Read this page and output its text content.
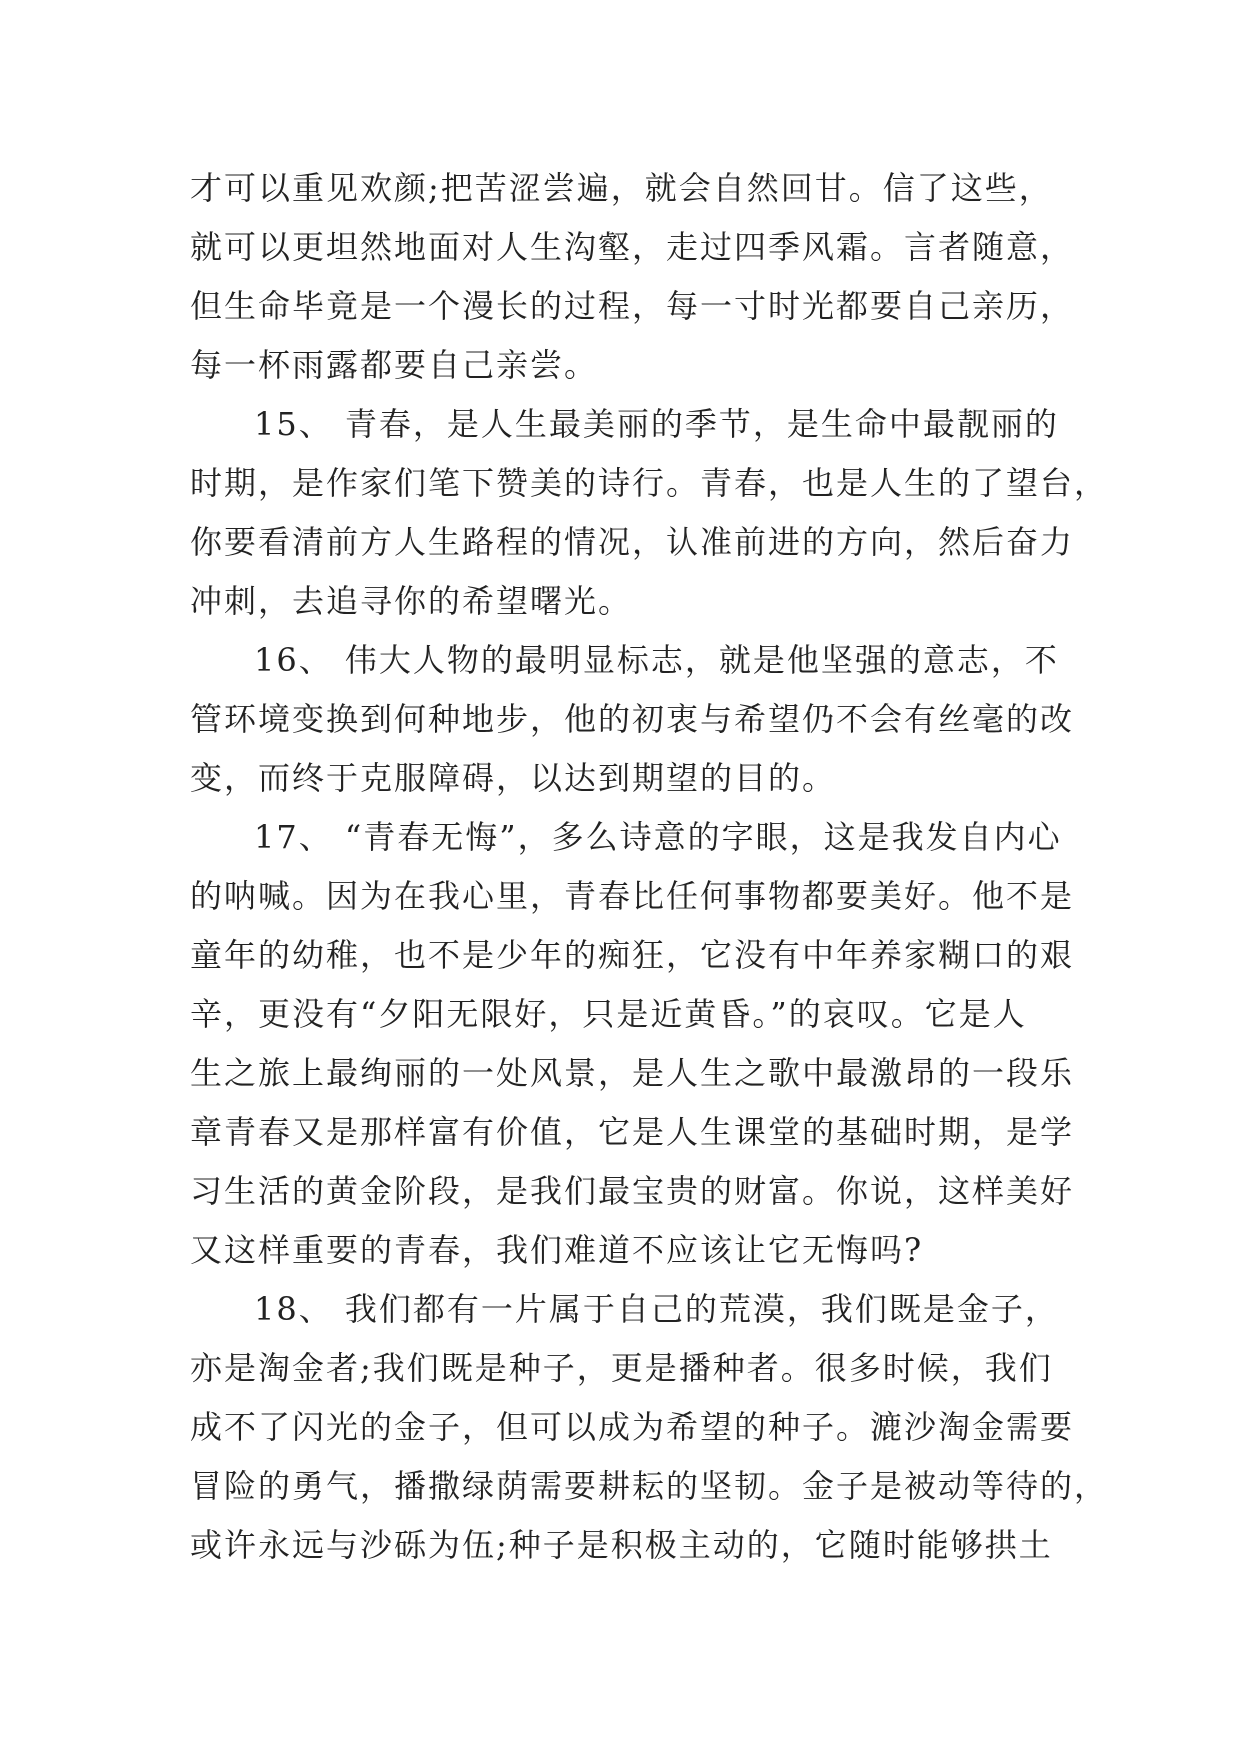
才可以重见欢颜;把苦涩尝遍，就会自然回甘。信了这些，
就可以更坦然地面对人生沟壑，走过四季风霜。言者随意，
但生命毕竟是一个漫长的过程，每一寸时光都要自己亲历，
每一杯雨露都要自己亲尝。
15、 青春，是人生最美丽的季节，是生命中最靓丽的
时期，是作家们笔下赞美的诗行。青春，也是人生的了望台，
你要看清前方人生路程的情况，认准前进的方向，然后奋力
冲刺，去追寻你的希望曙光。
16、 伟大人物的最明显标志，就是他坚强的意志，不
管环境变换到何种地步，他的初衷与希望仍不会有丝毫的改
变，而终于克服障碍，以达到期望的目的。
17、 “青春无悔”，多么诗意的字眼，这是我发自内心
的呐喊。因为在我心里，青春比任何事物都要美好。他不是
童年的幼稚，也不是少年的痴狂，它没有中年养家糊口的艰
辛，更没有“夕阳无限好，只是近黄昏。”的哀叹。它是人
生之旅上最绚丽的一处风景，是人生之歌中最激昂的一段乐
章青春又是那样富有价值，它是人生课堂的基础时期，是学
习生活的黄金阶段，是我们最宝贵的财富。你说，这样美好
又这样重要的青春，我们难道不应该让它无悔吗?
18、 我们都有一片属于自己的荒漠，我们既是金子，
亦是淘金者;我们既是种子，更是播种者。很多时候，我们
成不了闪光的金子，但可以成为希望的种子。漉沙淘金需要
冒险的勇气，播撒绿荫需要耕耘的坚韧。金子是被动等待的，
或许永远与沙砾为伍;种子是积极主动的，它随时能够拱土
